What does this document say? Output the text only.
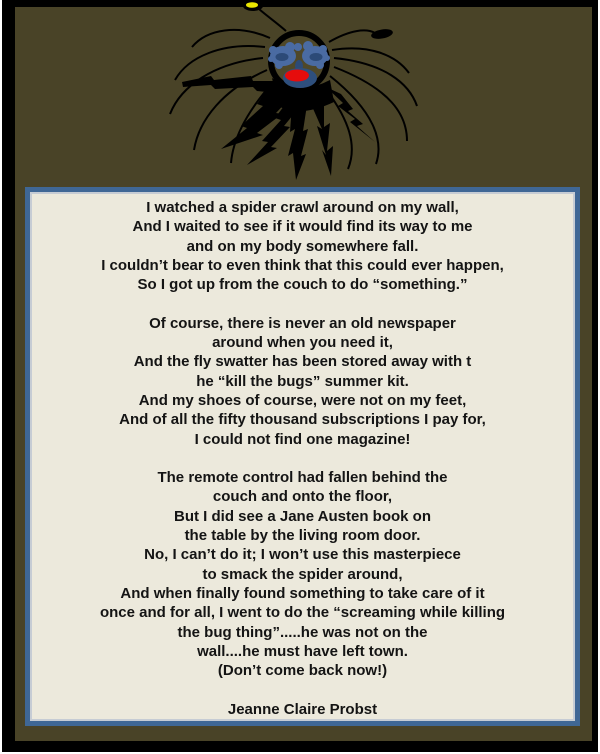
I watched a spider crawl around on my wall,
And I waited to see if it would find its way to me
and on my body somewhere fall.
I couldn’t bear to even think that this could ever happen,
So I got up from the couch to do “something.”
Of course, there is never an old newspaper
around when you need it,
And the fly swatter has been stored away with t
he “kill the bugs” summer kit.
And my shoes of course, were not on my feet,
And of all the fifty thousand subscriptions I pay for,
I could not find one magazine!
The remote control had fallen behind the
couch and onto the floor,
But I did see a Jane Austen book on
the table by the living room door.
No, I can’t do it; I won’t use this masterpiece
to smack the spider around,
And when finally found something to take care of it
once and for all, I went to do the “screaming while killing
the bug thing”.....he was not on the
wall....he must have left town.
(Don’t come back now!)
Jeanne Claire Probst
